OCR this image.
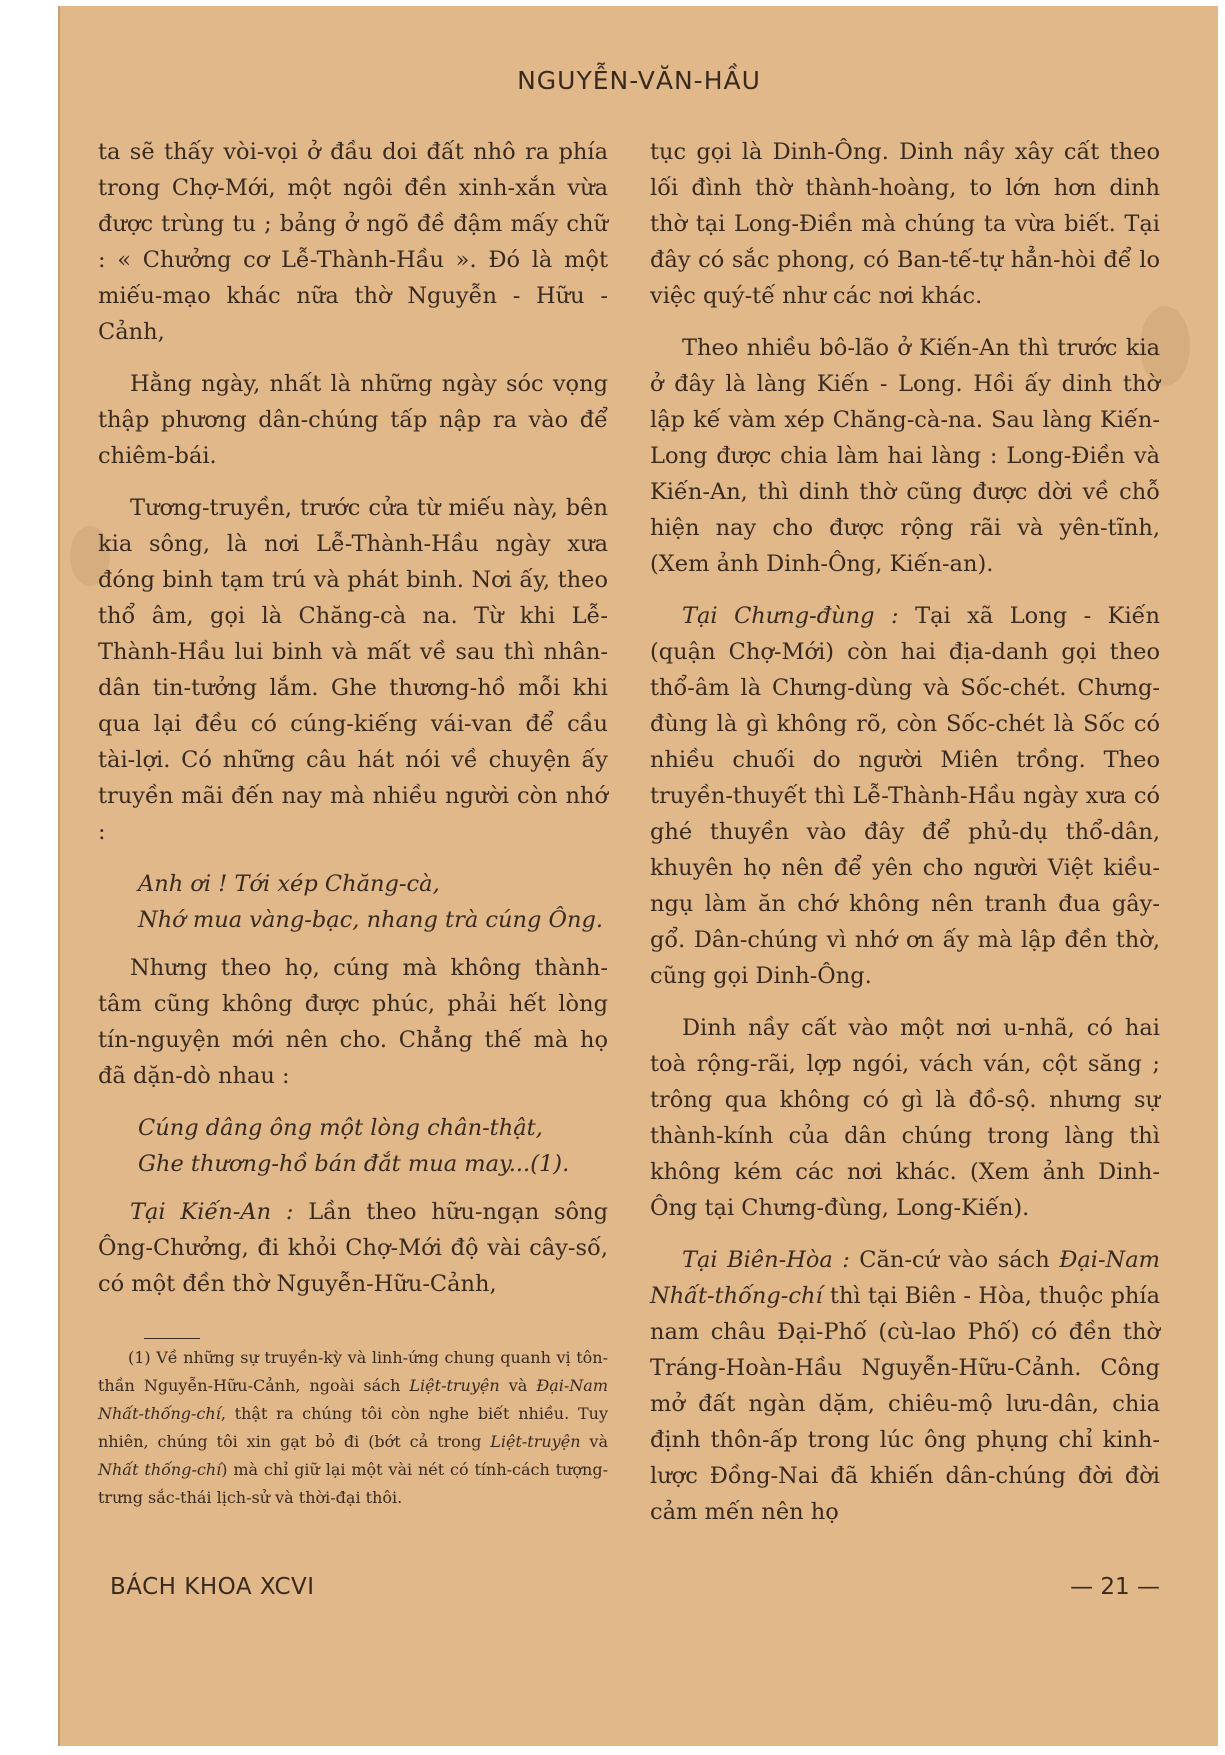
NGUYỄN-VĂN-HẦU

ta sẽ thấy vòi-vọi ở đầu doi đất nhô ra phía trong Chợ-Mới, một ngôi đền xinh-xắn vừa được trùng tu ; bảng ở ngõ đề đậm mấy chữ : « Chưởng cơ Lễ-Thành-Hầu ». Đó là một miếu-mạo khác nữa thờ Nguyễn - Hữu - Cảnh,

Hằng ngày, nhất là những ngày sóc vọng thập phương dân-chúng tấp nập ra vào để chiêm-bái.

Tương-truyền, trước cửa từ miếu này, bên kia sông, là nơi Lễ-Thành-Hầu ngày xưa đóng binh tạm trú và phát binh. Nơi ấy, theo thổ âm, gọi là Chăng-cà na. Từ khi Lễ-Thành-Hầu lui binh và mất về sau thì nhân-dân tin-tưởng lắm. Ghe thương-hồ mỗi khi qua lại đều có cúng-kiếng vái-van để cầu tài-lợi. Có những câu hát nói về chuyện ấy truyền mãi đến nay mà nhiều người còn nhớ :

Anh ơi ! Tới xép Chăng-cà,

Nhớ mua vàng-bạc, nhang trà cúng Ông.

Nhưng theo họ, cúng mà không thành-tâm cũng không được phúc, phải hết lòng tín-nguyện mới nên cho. Chẳng thế mà họ đã dặn-dò nhau :

Cúng dâng ông một lòng chân-thật,

Ghe thương-hồ bán đắt mua may...(1).

Tại Kiến-An : Lần theo hữu-ngạn sông Ông-Chưởng, đi khỏi Chợ-Mới độ vài cây-số, có một đền thờ Nguyễn-Hữu-Cảnh,

(1) Về những sự truyền-kỳ và linh-ứng chung quanh vị tôn-thần Nguyễn-Hữu-Cảnh, ngoài sách Liệt-truyện và Đại-Nam Nhất-thống-chí, thật ra chúng tôi còn nghe biết nhiều. Tuy nhiên, chúng tôi xin gạt bỏ đi (bớt cả trong Liệt-truyện và Nhất thống-chí) mà chỉ giữ lại một vài nét có tính-cách tượng-trưng sắc-thái lịch-sử và thời-đại thôi.

tục gọi là Dinh-Ông. Dinh nầy xây cất theo lối đình thờ thành-hoàng, to lớn hơn dinh thờ tại Long-Điền mà chúng ta vừa biết. Tại đây có sắc phong, có Ban-tế-tự hẳn-hòi để lo việc quý-tế như các nơi khác.

Theo nhiều bô-lão ở Kiến-An thì trước kia ở đây là làng Kiến - Long. Hồi ấy dinh thờ lập kế vàm xép Chăng-cà-na. Sau làng Kiến-Long được chia làm hai làng : Long-Điền và Kiến-An, thì dinh thờ cũng được dời về chỗ hiện nay cho được rộng rãi và yên-tĩnh, (Xem ảnh Dinh-Ông, Kiến-an).

Tại Chưng-đùng : Tại xã Long - Kiến (quận Chợ-Mới) còn hai địa-danh gọi theo thổ-âm là Chưng-dùng và Sốc-chét. Chưng-đùng là gì không rõ, còn Sốc-chét là Sốc có nhiều chuối do người Miên trồng. Theo truyền-thuyết thì Lễ-Thành-Hầu ngày xưa có ghé thuyền vào đây để phủ-dụ thổ-dân, khuyên họ nên để yên cho người Việt kiều-ngụ làm ăn chớ không nên tranh đua gây-gổ. Dân-chúng vì nhớ ơn ấy mà lập đền thờ, cũng gọi Dinh-Ông.

Dinh nầy cất vào một nơi u-nhã, có hai toà rộng-rãi, lợp ngói, vách ván, cột săng ; trông qua không có gì là đồ-sộ. nhưng sự thành-kính của dân chúng trong làng thì không kém các nơi khác. (Xem ảnh Dinh-Ông tại Chưng-đùng, Long-Kiến).

Tại Biên-Hòa : Căn-cứ vào sách Đại-Nam Nhất-thống-chí thì tại Biên - Hòa, thuộc phía nam châu Đại-Phố (cù-lao Phố) có đền thờ Tráng-Hoàn-Hầu Nguyễn-Hữu-Cảnh. Công mở đất ngàn dặm, chiêu-mộ lưu-dân, chia định thôn-ấp trong lúc ông phụng chỉ kinh-lược Đồng-Nai đã khiến dân-chúng đời đời cảm mến nên họ

BÁCH KHOA XCVI	— 21 —
